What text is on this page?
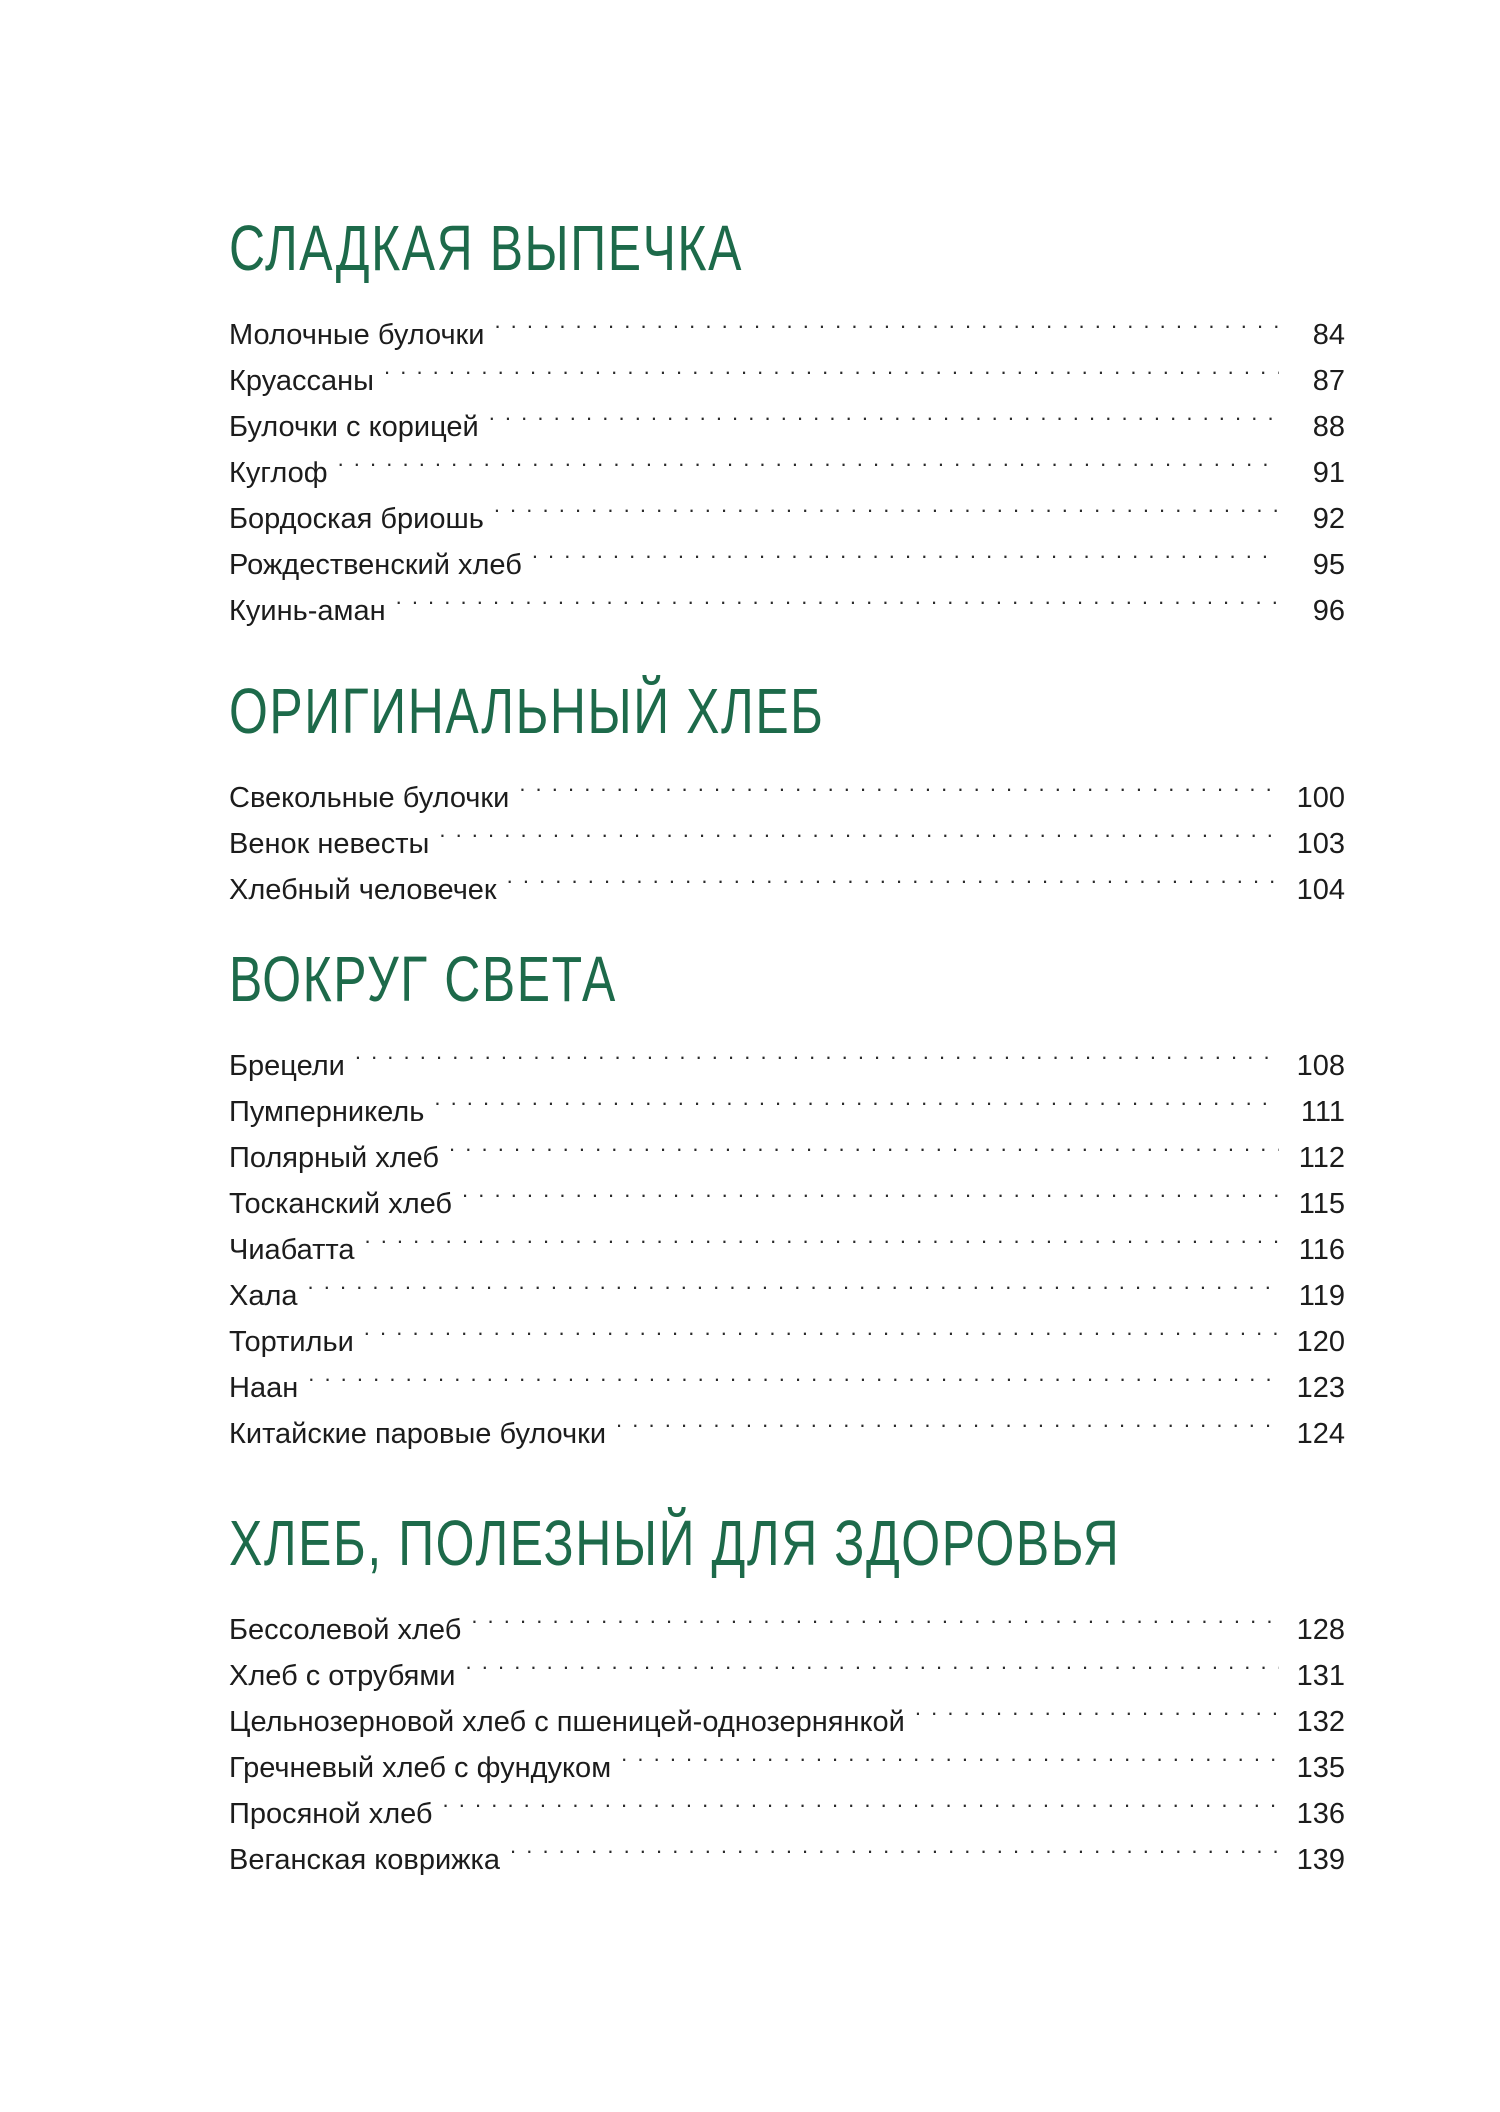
СЛАДКАЯ ВЫПЕЧКА
Молочные булочки . . .	84
Круассаны . . .	87
Булочки с корицей . . .	88
Куглоф . . .	91
Бордоская бриошь . . .	92
Рождественский хлеб . . .	95
Куинь-аман . . .	96
ОРИГИНАЛЬНЫЙ ХЛЕБ
Свекольные булочки . . .	100
Венок невесты . . .	103
Хлебный человечек . . .	104
ВОКРУГ СВЕТА
Брецели . . .	108
Пумперникель . . .	111
Полярный хлеб . . .	112
Тосканский хлеб . . .	115
Чиабатта . . .	116
Хала . . .	119
Тортильи . . .	120
Наан . . .	123
Китайские паровые булочки . . .	124
ХЛЕБ, ПОЛЕЗНЫЙ ДЛЯ ЗДОРОВЬЯ
Бессолевой хлеб . . .	128
Хлеб с отрубями . . .	131
Цельнозерновой хлеб с пшеницей-однозернянкой . . .	132
Гречневый хлеб с фундуком . . .	135
Просяной хлеб . . .	136
Веганская коврижка . . .	139
